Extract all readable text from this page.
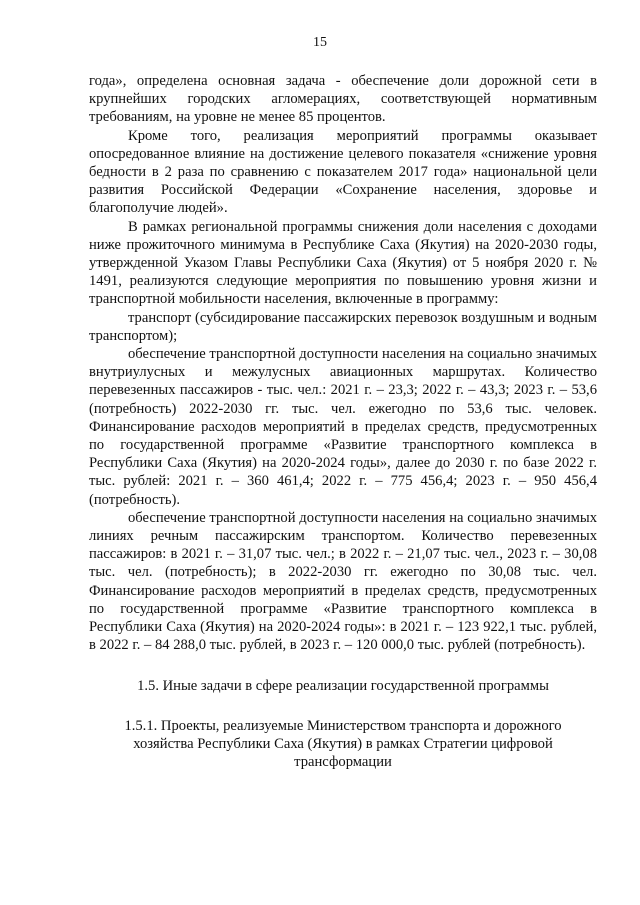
15

года», определена основная задача - обеспечение доли дорожной сети в крупнейших городских агломерациях, соответствующей нормативным требованиям, на уровне не менее 85 процентов.

Кроме того, реализация мероприятий программы оказывает опосредованное влияние на достижение целевого показателя «снижение уровня бедности в 2 раза по сравнению с показателем 2017 года» национальной цели развития Российской Федерации «Сохранение населения, здоровье и благополучие людей».

В рамках региональной программы снижения доли населения с доходами ниже прожиточного минимума в Республике Саха (Якутия) на 2020-2030 годы, утвержденной Указом Главы Республики Саха (Якутия) от 5 ноября 2020 г. № 1491, реализуются следующие мероприятия по повышению уровня жизни и транспортной мобильности населения, включенные в программу:

транспорт (субсидирование пассажирских перевозок воздушным и водным транспортом);

обеспечение транспортной доступности населения на социально значимых внутриулусных и межулусных авиационных маршрутах. Количество перевезенных пассажиров - тыс. чел.: 2021 г. – 23,3; 2022 г. – 43,3; 2023 г. – 53,6 (потребность) 2022-2030 гг. тыс. чел. ежегодно по 53,6 тыс. человек. Финансирование расходов мероприятий в пределах средств, предусмотренных по государственной программе «Развитие транспортного комплекса в Республики Саха (Якутия) на 2020-2024 годы», далее до 2030 г. по базе 2022 г. тыс. рублей: 2021 г. – 360 461,4; 2022 г. – 775 456,4; 2023 г. – 950 456,4 (потребность).

обеспечение транспортной доступности населения на социально значимых линиях речным пассажирским транспортом. Количество перевезенных пассажиров: в 2021 г. – 31,07 тыс. чел.; в 2022 г. – 21,07 тыс. чел., 2023 г. – 30,08 тыс. чел. (потребность); в 2022-2030 гг. ежегодно по 30,08 тыс. чел. Финансирование расходов мероприятий в пределах средств, предусмотренных по государственной программе «Развитие транспортного комплекса в Республики Саха (Якутия) на 2020-2024 годы»: в 2021 г. – 123 922,1 тыс. рублей, в 2022 г. – 84 288,0 тыс. рублей, в 2023 г. – 120 000,0 тыс. рублей (потребность).

1.5. Иные задачи в сфере реализации государственной программы

1.5.1. Проекты, реализуемые Министерством транспорта и дорожного хозяйства Республики Саха (Якутия) в рамках Стратегии цифровой трансформации
